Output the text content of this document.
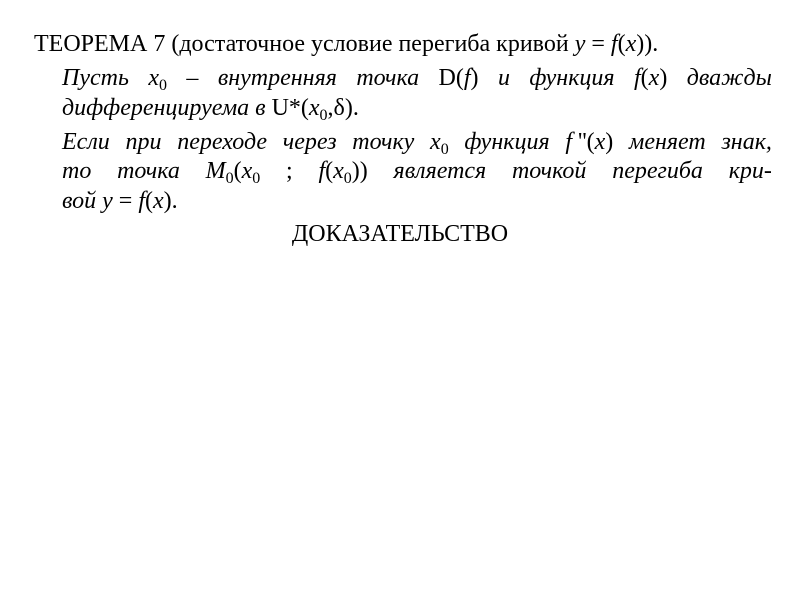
ТЕОРЕМА 7 (достаточное условие перегиба кривой y = f(x)).
Пусть $x_0$ – внутренняя точка D(f) и функция f(x) дважды
дифференцируема в $U*(x_0,\delta)$.
Если при переходе через точку $x_0$ функция f ''(x) меняет знак,
то точка $M_0(x_0$ ; $f(x_0)$) является точкой перегиба кри-
вой y = f(x).
ДОКАЗАТЕЛЬСТВО
